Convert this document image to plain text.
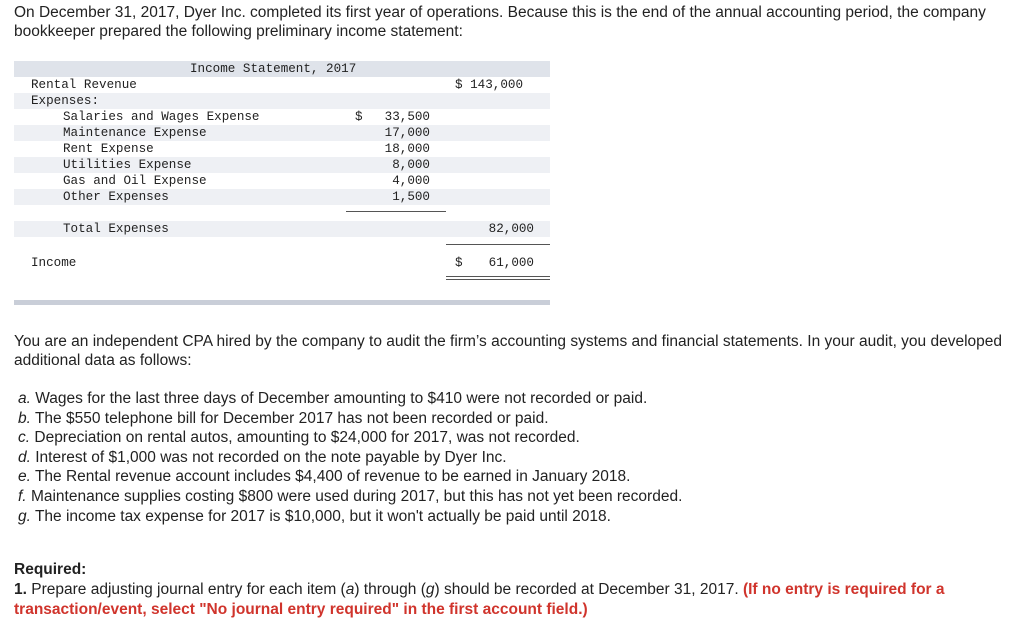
On December 31, 2017, Dyer Inc. completed its first year of operations. Because this is the end of the annual accounting period, the company bookkeeper prepared the following preliminary income statement:

Income Statement, 2017
Rental Revenue	$ 143,000
Expenses:
Salaries and Wages Expense	$	33,500
Maintenance Expense	17,000
Rent Expense	18,000
Utilities Expense	8,000
Gas and Oil Expense	4,000
Other Expenses	1,500
Total Expenses	82,000
Income	$	61,000

You are an independent CPA hired by the company to audit the firm’s accounting systems and financial statements. In your audit, you developed additional data as follows:

a. Wages for the last three days of December amounting to $410 were not recorded or paid.
b. The $550 telephone bill for December 2017 has not been recorded or paid.
c. Depreciation on rental autos, amounting to $24,000 for 2017, was not recorded.
d. Interest of $1,000 was not recorded on the note payable by Dyer Inc.
e. The Rental revenue account includes $4,400 of revenue to be earned in January 2018.
f. Maintenance supplies costing $800 were used during 2017, but this has not yet been recorded.
g. The income tax expense for 2017 is $10,000, but it won't actually be paid until 2018.

Required:

1. Prepare adjusting journal entry for each item (a) through (g) should be recorded at December 31, 2017. (If no entry is required for a transaction/event, select "No journal entry required" in the first account field.)
